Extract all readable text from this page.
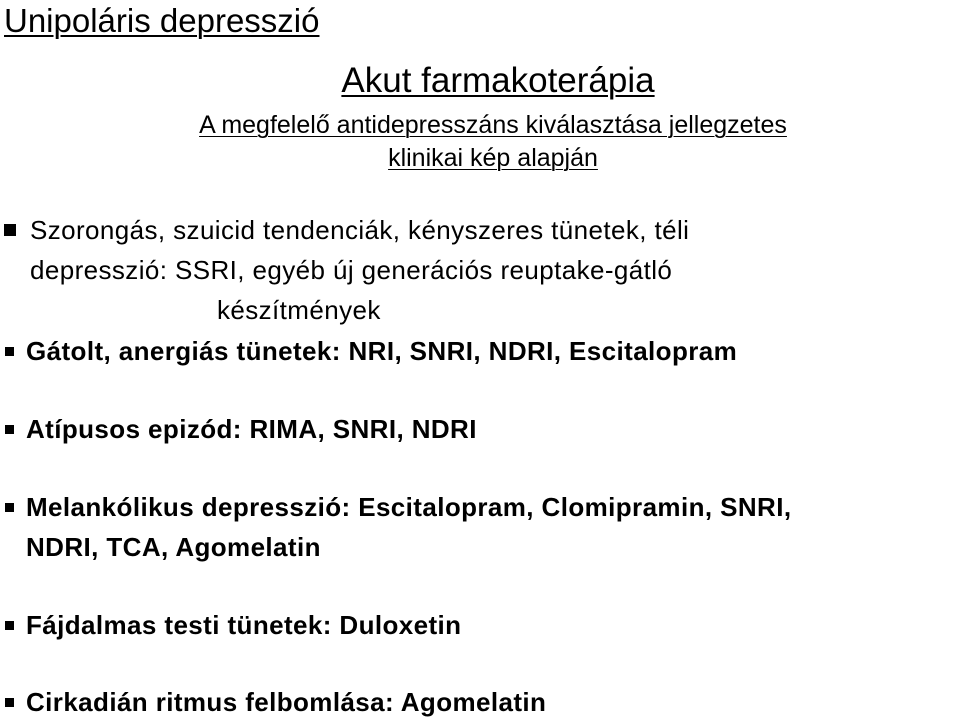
Unipoláris depresszió
Akut farmakoterápia
A megfelelő antidepresszáns kiválasztása jellegzetes
klinikai kép alapján
Szorongás, szuicid tendenciák, kényszeres tünetek, téli
depresszió: SSRI, egyéb új generációs reuptake-gátló
készítmények
Gátolt, anergiás tünetek: NRI, SNRI, NDRI, Escitalopram
Atípusos epizód: RIMA, SNRI, NDRI
Melankólikus depresszió: Escitalopram, Clomipramin, SNRI,
NDRI, TCA, Agomelatin
Fájdalmas testi tünetek: Duloxetin
Cirkadián ritmus felbomlása: Agomelatin
